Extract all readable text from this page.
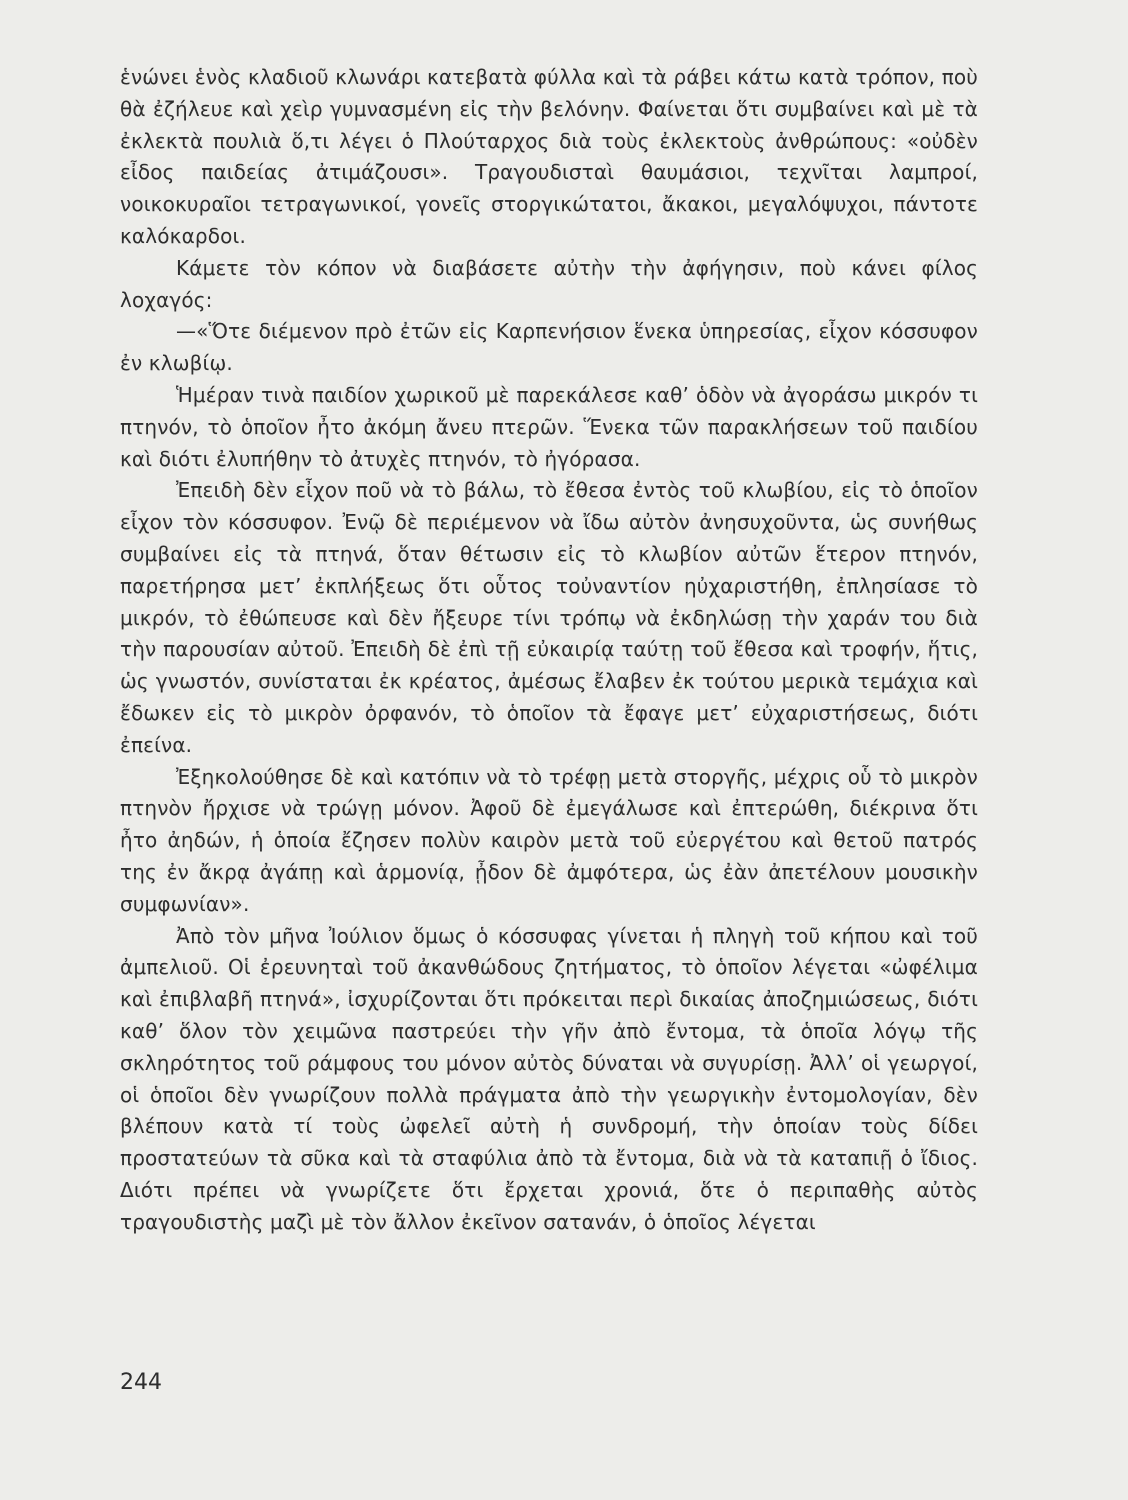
ἑνώνει ἑνὸς κλαδιοῦ κλωνάρι κατεβατὰ φύλλα καὶ τὰ ράβει κάτω κατὰ τρόπον, ποὺ θὰ ἐζήλευε καὶ χεὶρ γυμνασμένη εἰς τὴν βελόνην. Φαίνεται ὅτι συμβαίνει καὶ μὲ τὰ ἐκλεκτὰ πουλιὰ ὅ,τι λέγει ὁ Πλούταρχος διὰ τοὺς ἐκλεκτοὺς ἀνθρώπους: «οὐδὲν εἶδος παιδείας ἀτιμάζουσι». Τραγουδισταὶ θαυμάσιοι, τεχνῖται λαμπροί, νοικοκυραῖοι τετραγωνικοί, γονεῖς στοργικώτατοι, ἄκακοι, μεγαλόψυχοι, πάντοτε καλόκαρδοι.

Κάμετε τὸν κόπον νὰ διαβάσετε αὐτὴν τὴν ἀφήγησιν, ποὺ κάνει φίλος λοχαγός:

—«Ὅτε διέμενον πρὸ ἐτῶν εἰς Καρπενήσιον ἕνεκα ὑπηρεσίας, εἶχον κόσσυφον ἐν κλωβίῳ.

Ἡμέραν τινὰ παιδίον χωρικοῦ μὲ παρεκάλεσε καθ’ ὁδὸν νὰ ἀγοράσω μικρόν τι πτηνόν, τὸ ὁποῖον ἦτο ἀκόμη ἄνευ πτερῶν. Ἕνεκα τῶν παρακλήσεων τοῦ παιδίου καὶ διότι ἐλυπήθην τὸ ἀτυχὲς πτηνόν, τὸ ἠγόρασα.

Ἐπειδὴ δὲν εἶχον ποῦ νὰ τὸ βάλω, τὸ ἔθεσα ἐντὸς τοῦ κλωβίου, εἰς τὸ ὁποῖον εἶχον τὸν κόσσυφον. Ἐνῷ δὲ περιέμενον νὰ ἴδω αὐτὸν ἀνησυχοῦντα, ὡς συνήθως συμβαίνει εἰς τὰ πτηνά, ὅταν θέτωσιν εἰς τὸ κλωβίον αὐτῶν ἕτερον πτηνόν, παρετήρησα μετ’ ἐκπλήξεως ὅτι οὗτος τοὐναντίον ηὐχαριστήθη, ἐπλησίασε τὸ μικρόν, τὸ ἐθώπευσε καὶ δὲν ἤξευρε τίνι τρόπῳ νὰ ἐκδηλώσῃ τὴν χαράν του διὰ τὴν παρουσίαν αὐτοῦ. Ἐπειδὴ δὲ ἐπὶ τῇ εὐκαιρίᾳ ταύτῃ τοῦ ἔθεσα καὶ τροφήν, ἥτις, ὡς γνωστόν, συνίσταται ἐκ κρέατος, ἀμέσως ἔλαβεν ἐκ τούτου μερικὰ τεμάχια καὶ ἔδωκεν εἰς τὸ μικρὸν ὀρφανόν, τὸ ὁποῖον τὰ ἔφαγε μετ’ εὐχαριστήσεως, διότι ἐπείνα.

Ἐξηκολούθησε δὲ καὶ κατόπιν νὰ τὸ τρέφῃ μετὰ στοργῆς, μέχρις οὗ τὸ μικρὸν πτηνὸν ἤρχισε νὰ τρώγῃ μόνον. Ἀφοῦ δὲ ἐμεγάλωσε καὶ ἐπτερώθη, διέκρινα ὅτι ἦτο ἀηδών, ἡ ὁποία ἔζησεν πολὺν καιρὸν μετὰ τοῦ εὐεργέτου καὶ θετοῦ πατρός της ἐν ἄκρᾳ ἀγάπῃ καὶ ἁρμονίᾳ, ᾖδον δὲ ἀμφότερα, ὡς ἐὰν ἀπετέλουν μουσικὴν συμφωνίαν».

Ἀπὸ τὸν μῆνα Ἰούλιον ὅμως ὁ κόσσυφας γίνεται ἡ πληγὴ τοῦ κήπου καὶ τοῦ ἀμπελιοῦ. Οἱ ἐρευνηταὶ τοῦ ἀκανθώδους ζητήματος, τὸ ὁποῖον λέγεται «ὠφέλιμα καὶ ἐπιβλαβῆ πτηνά», ἰσχυρίζονται ὅτι πρόκειται περὶ δικαίας ἀποζημιώσεως, διότι καθ’ ὅλον τὸν χειμῶνα παστρεύει τὴν γῆν ἀπὸ ἔντομα, τὰ ὁποῖα λόγῳ τῆς σκληρότητος τοῦ ράμφους του μόνον αὐτὸς δύναται νὰ συγυρίσῃ. Ἀλλ’ οἱ γεωργοί, οἱ ὁποῖοι δὲν γνωρίζουν πολλὰ πράγματα ἀπὸ τὴν γεωργικὴν ἐντομολογίαν, δὲν βλέπουν κατὰ τί τοὺς ὠφελεῖ αὐτὴ ἡ συνδρομή, τὴν ὁποίαν τοὺς δίδει προστατεύων τὰ σῦκα καὶ τὰ σταφύλια ἀπὸ τὰ ἔντομα, διὰ νὰ τὰ καταπιῇ ὁ ἴδιος. Διότι πρέπει νὰ γνωρίζετε ὅτι ἔρχεται χρονιά, ὅτε ὁ περιπαθὴς αὐτὸς τραγουδιστὴς μαζὶ μὲ τὸν ἄλλον ἐκεῖνον σατανάν, ὁ ὁποῖος λέγεται

244
